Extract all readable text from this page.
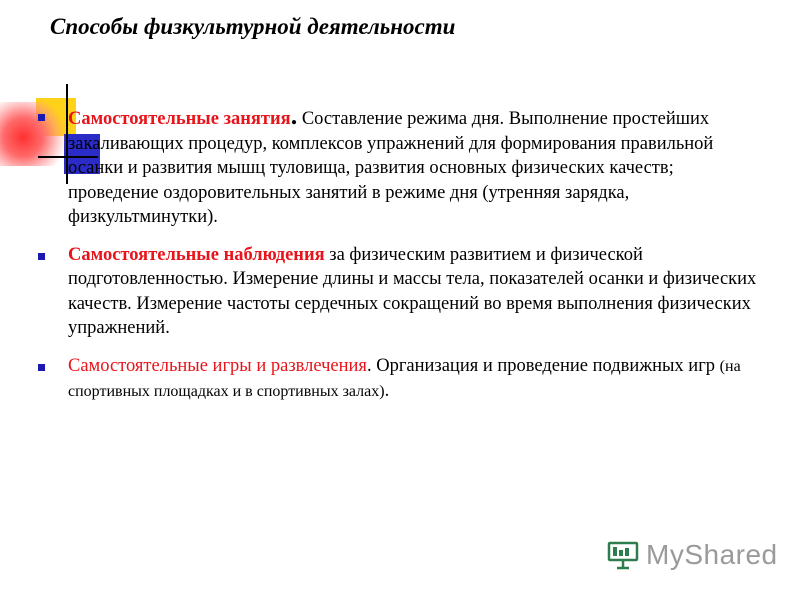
Способы физкультурной деятельности
Самостоятельные занятия. Составление режима дня. Выполнение простейших закаливающих процедур, комплексов упражнений для формирования правильной осанки и развития мышц туловища, развития основных физических качеств; проведение оздоровительных занятий в режиме дня (утренняя зарядка, физкультминутки).
Самостоятельные наблюдения за физическим развитием и физической подготовленностью. Измерение длины и массы тела, показателей осанки и физических качеств. Измерение частоты сердечных сокращений во время выполнения физических упражнений.
Самостоятельные игры и развлечения. Организация и проведение подвижных игр (на спортивных площадках и в спортивных залах).
MyShared
